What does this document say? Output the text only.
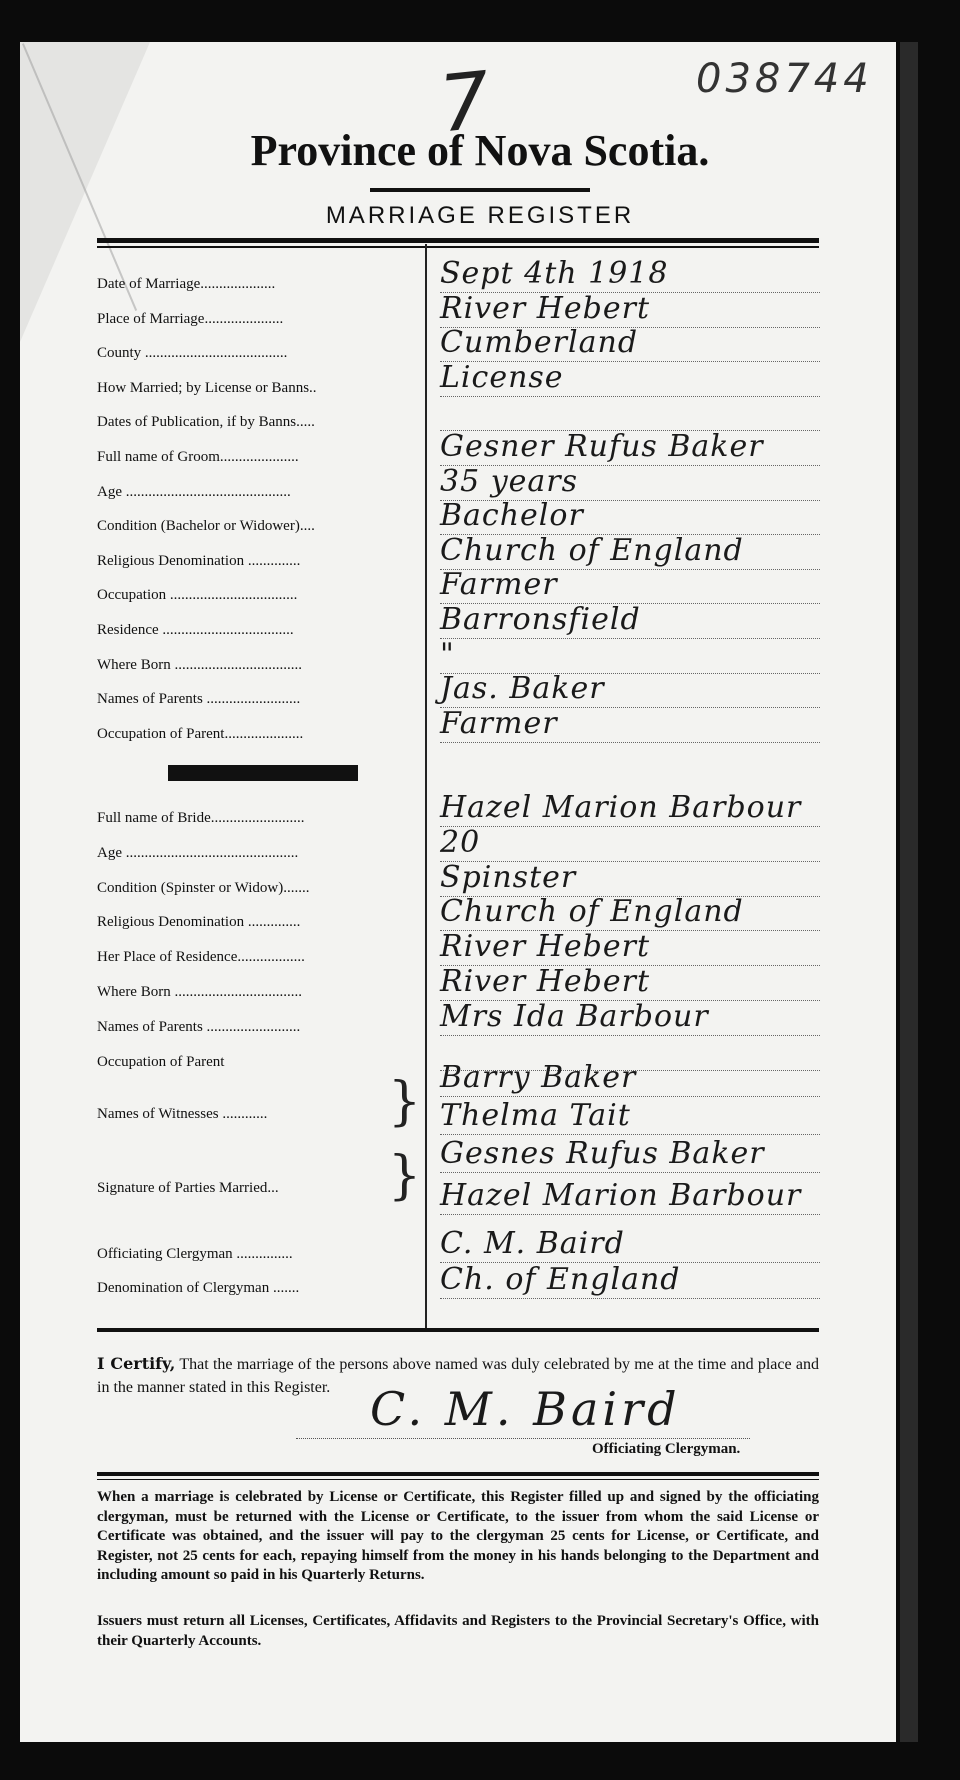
038744
7
Province of Nova Scotia.
MARRIAGE REGISTER
Date of Marriage....................	Sept 4th 1918
Place of Marriage.....................	River Hebert
County ......................................	Cumberland
How Married; by License or Banns..	License
Dates of Publication, if by Banns.....
Full name of Groom.....................	Gesner Rufus Baker
Age ............................................	35 years
Condition (Bachelor or Widower)....	Bachelor
Religious Denomination ..............	Church of England
Occupation ..................................	Farmer
Residence ...................................	Barronsfield
Where Born ..................................	"
Names of Parents .........................	Jas. Baker
Occupation of Parent.....................	Farmer
Full name of Bride.........................	Hazel Marion Barbour
Age ..............................................	20
Condition (Spinster or Widow).......	Spinster
Religious Denomination ..............	Church of England
Her Place of Residence..................	River Hebert
Where Born ..................................	River Hebert
Names of Parents .........................	Mrs Ida Barbour
Occupation of Parent
Names of Witnesses ............	} Barry Baker
Thelma Tait
Signature of Parties Married...	} Gesnes Rufus Baker
Hazel Marion Barbour
Officiating Clergyman ...............	C. M. Baird
Denomination of Clergyman .......	Ch. of England
I Certify, That the marriage of the persons above named was duly celebrated by me at the time and place and in the manner stated in this Register. C. M. Baird
Officiating Clergyman.
When a marriage is celebrated by License or Certificate, this Register filled up and signed by the officiating clergyman, must be returned with the License or Certificate, to the issuer from whom the said License or Certificate was obtained, and the issuer will pay to the clergyman 25 cents for License, or Certificate, and Register, not 25 cents for each, repaying himself from the money in his hands belonging to the Department and including amount so paid in his Quarterly Returns.
Issuers must return all Licenses, Certificates, Affidavits and Registers to the Provincial Secretary's Office, with their Quarterly Accounts.
